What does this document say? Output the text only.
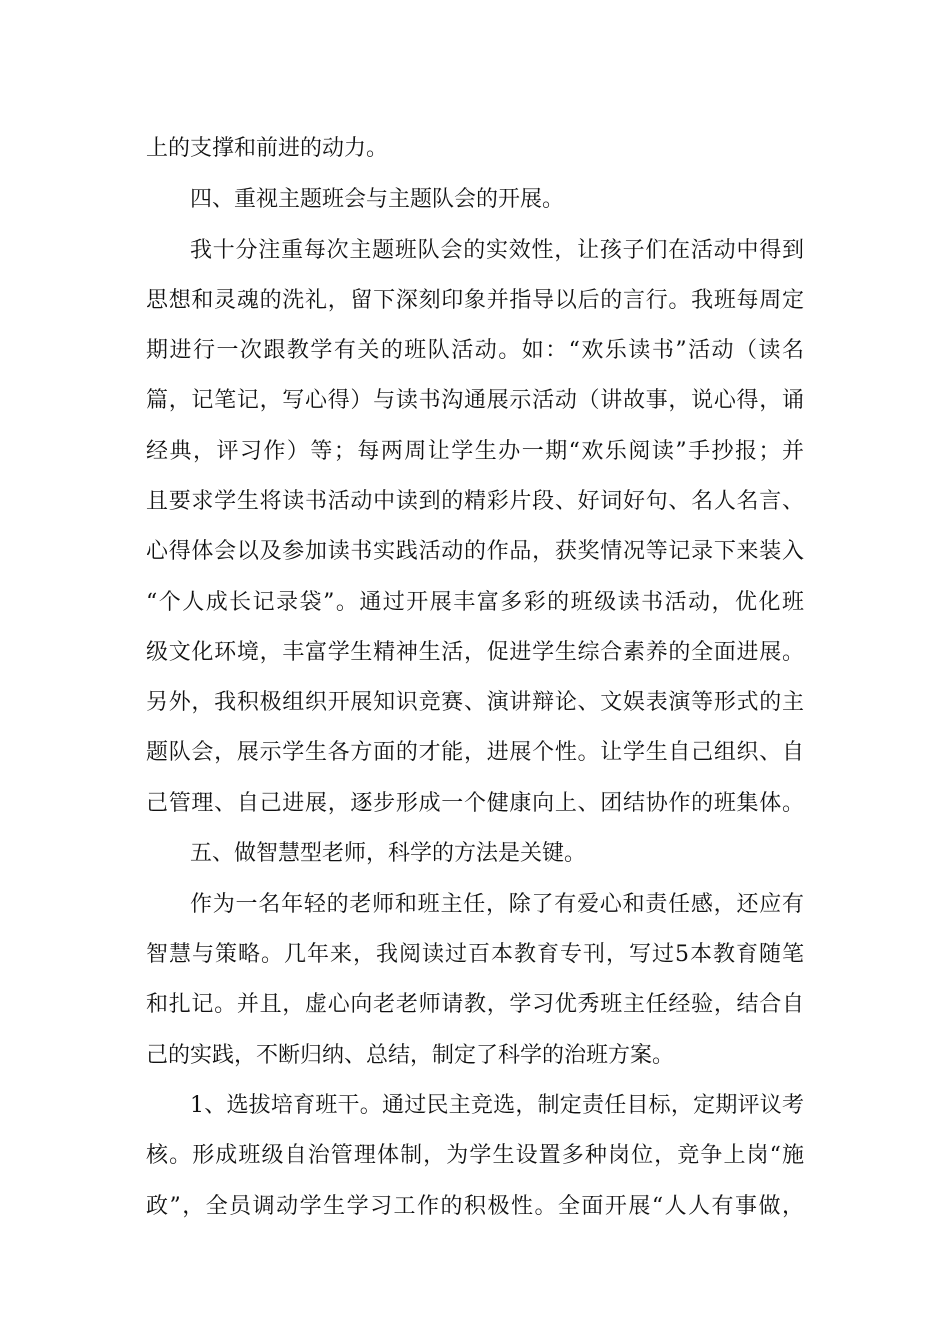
上的支撑和前进的动力。
四、重视主题班会与主题队会的开展。
我十分注重每次主题班队会的实效性，让孩子们在活动中得到
思想和灵魂的洗礼，留下深刻印象并指导以后的言行。我班每周定
期进行一次跟教学有关的班队活动。如：“欢乐读书”活动（读名
篇，记笔记，写心得）与读书沟通展示活动（讲故事，说心得，诵
经典，评习作）等；每两周让学生办一期“欢乐阅读”手抄报；并
且要求学生将读书活动中读到的精彩片段、好词好句、名人名言、
心得体会以及参加读书实践活动的作品，获奖情况等记录下来装入
“个人成长记录袋”。通过开展丰富多彩的班级读书活动，优化班
级文化环境，丰富学生精神生活，促进学生综合素养的全面进展。
另外，我积极组织开展知识竞赛、演讲辩论、文娱表演等形式的主
题队会，展示学生各方面的才能，进展个性。让学生自己组织、自
己管理、自己进展，逐步形成一个健康向上、团结协作的班集体。
五、做智慧型老师，科学的方法是关键。
作为一名年轻的老师和班主任，除了有爱心和责任感，还应有
智慧与策略。几年来，我阅读过百本教育专刊，写过5本教育随笔
和扎记。并且，虚心向老老师请教，学习优秀班主任经验，结合自
己的实践，不断归纳、总结，制定了科学的治班方案。
1、选拔培育班干。通过民主竞选，制定责任目标，定期评议考
核。形成班级自治管理体制，为学生设置多种岗位，竞争上岗“施
政”，全员调动学生学习工作的积极性。全面开展“人人有事做，
